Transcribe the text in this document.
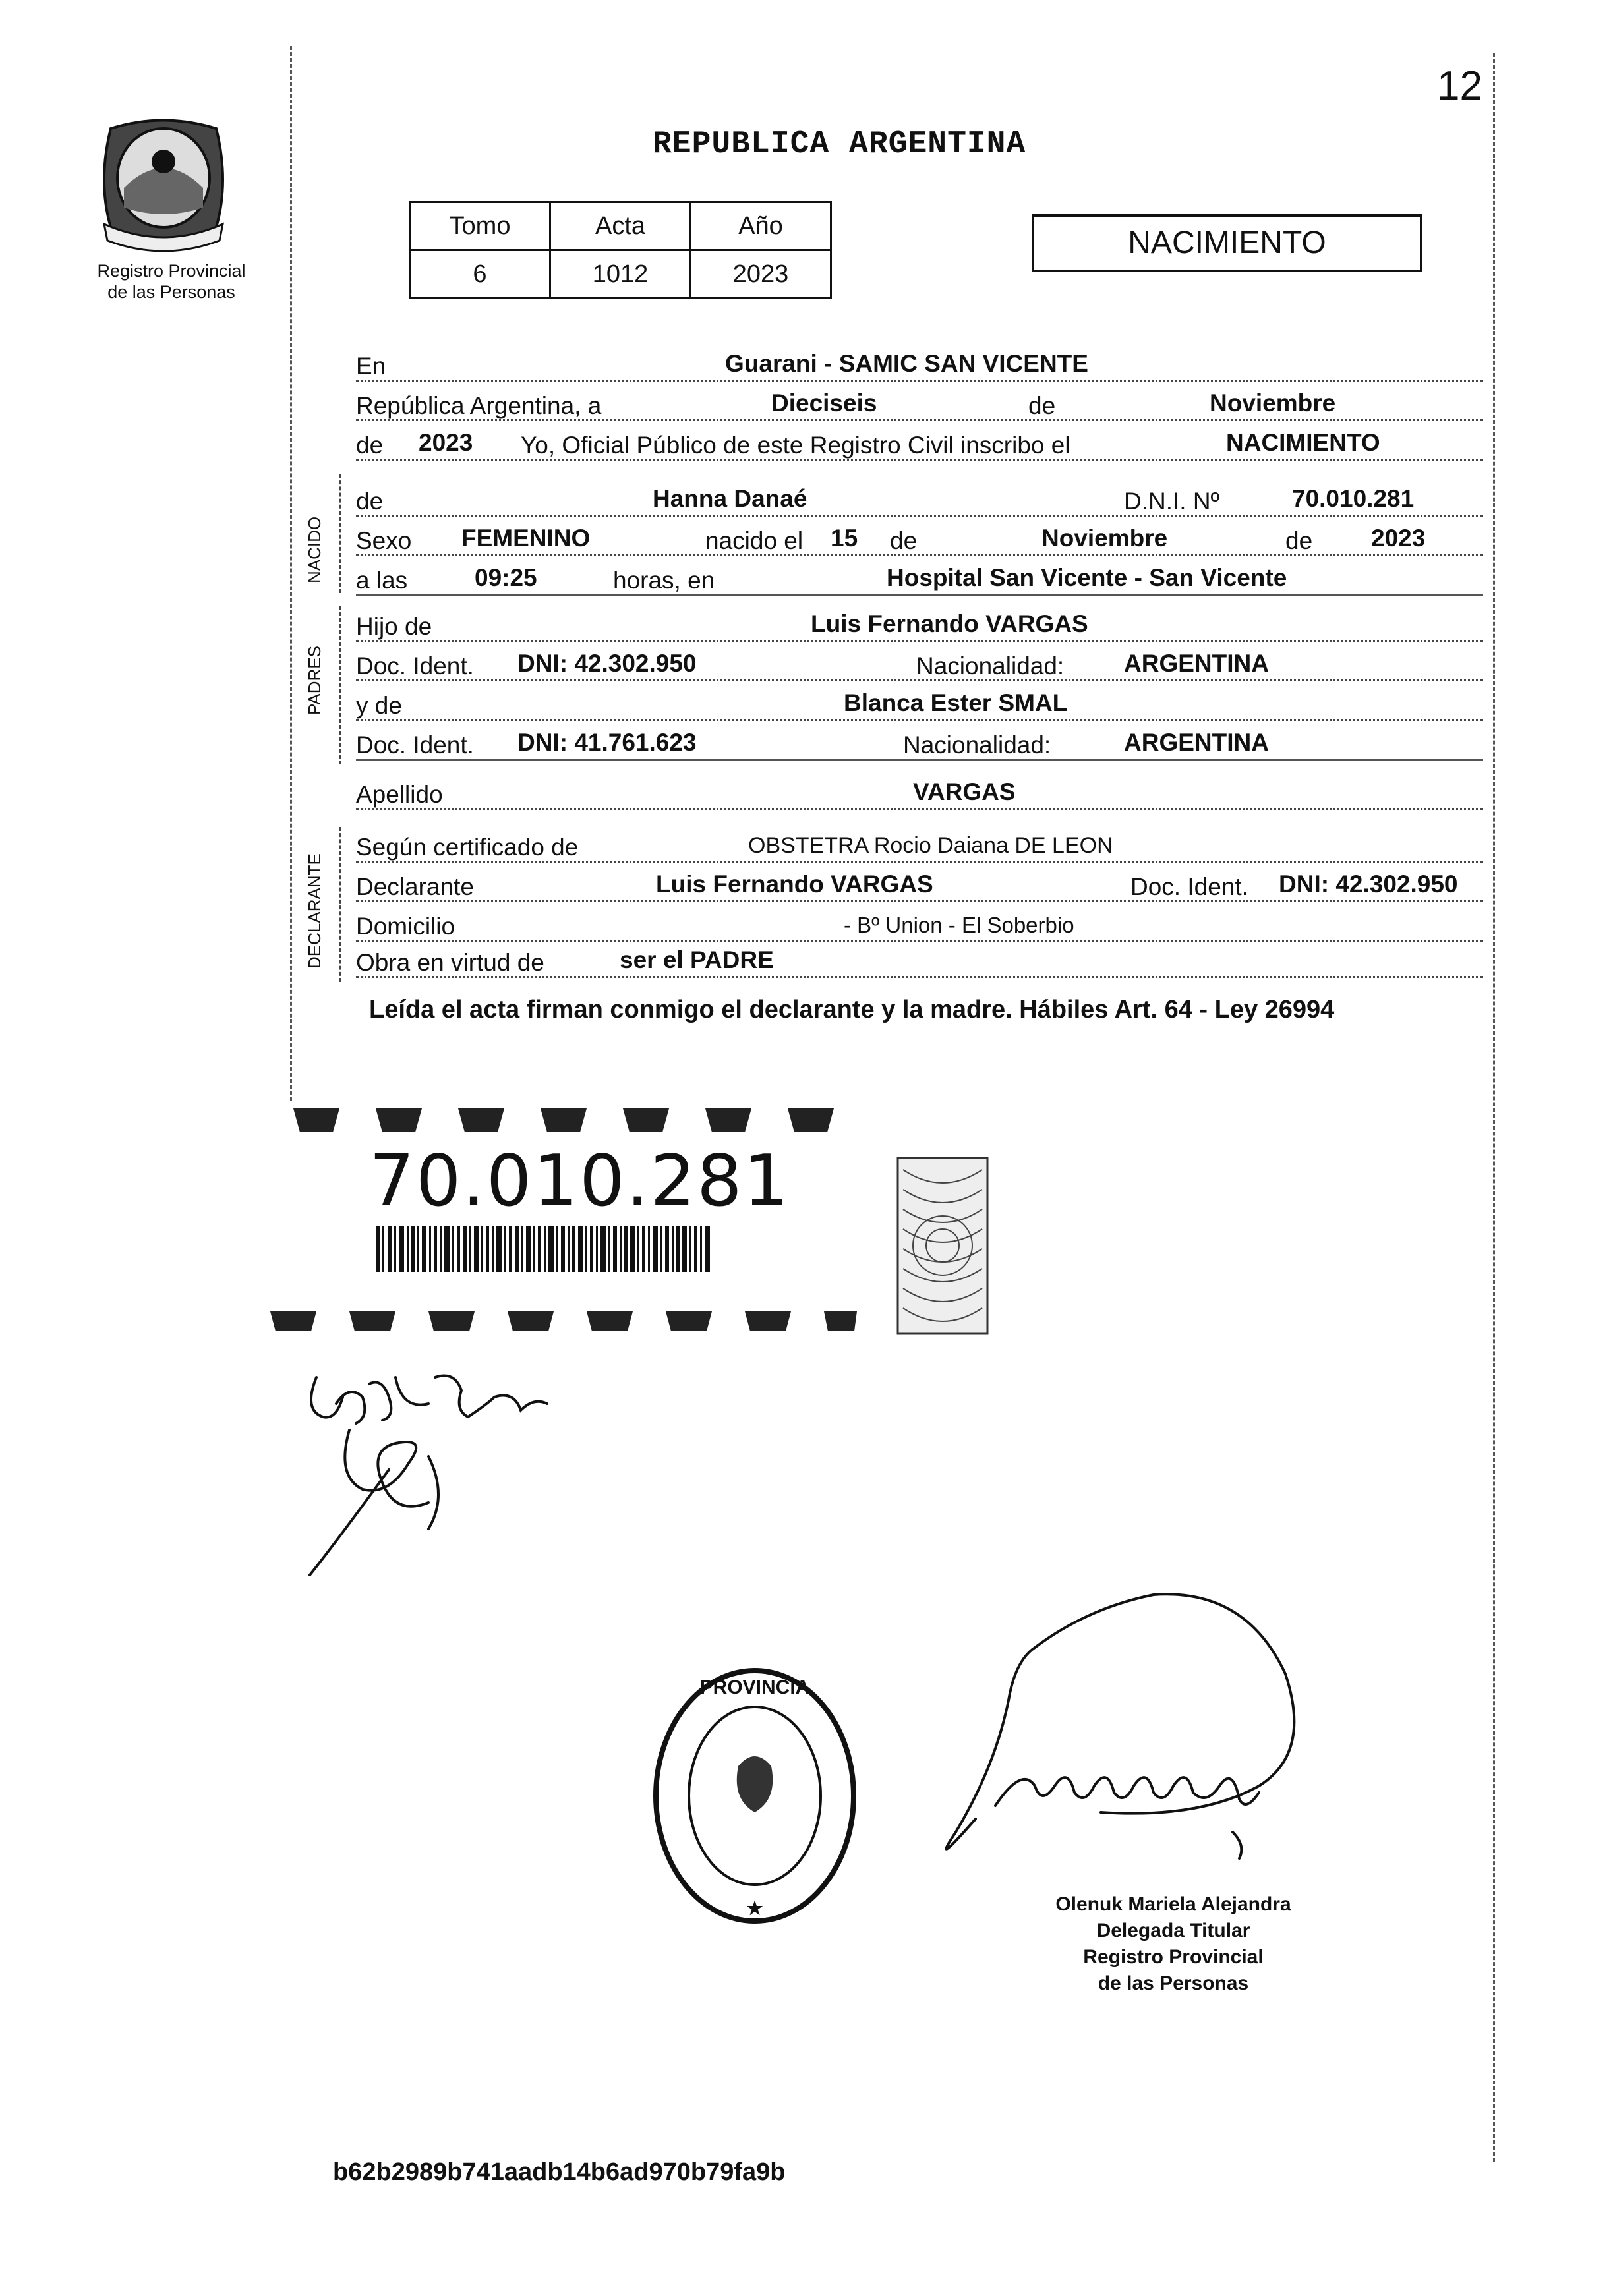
12
REPUBLICA ARGENTINA
Registro Provincial
de las Personas
Tomo	Acta	Año
6	1012	2023
NACIMIENTO
En	Guarani - SAMIC SAN VICENTE
República Argentina, a	Dieciseis	de	Noviembre
de 2023 Yo, Oficial Público de este Registro Civil inscribo el	NACIMIENTO
NACIDO
de	Hanna Danaé	D.N.I. Nº	70.010.281
Sexo FEMENINO	nacido el 15 de	Noviembre	de 2023
a las	09:25	horas, en	Hospital San Vicente - San Vicente
PADRES
Hijo de	Luis Fernando VARGAS
Doc. Ident. DNI: 42.302.950	Nacionalidad: ARGENTINA
y de	Blanca Ester SMAL
Doc. Ident. DNI: 41.761.623	Nacionalidad:	ARGENTINA
Apellido	VARGAS
DECLARANTE
Según certificado de	OBSTETRA Rocio Daiana DE LEON
Declarante	Luis Fernando VARGAS	Doc. Ident. DNI: 42.302.950
Domicilio	- Bº Union - El Soberbio
Obra en virtud de	ser el PADRE
Leída el acta firman conmigo el declarante y la madre. Hábiles Art. 64 - Ley 26994
70.010.281
PROVINCIA
★	Olenuk Mariela Alejandra
Delegada Titular
Registro Provincial
de las Personas
b62b2989b741aadb14b6ad970b79fa9b
